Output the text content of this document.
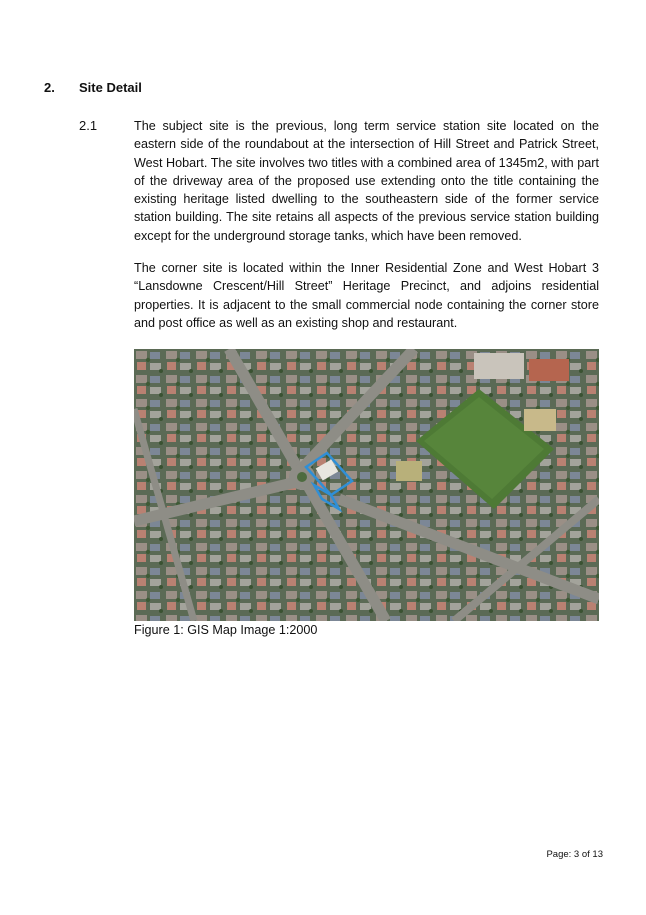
2. Site Detail
2.1	The subject site is the previous, long term service station site located on the eastern side of the roundabout at the intersection of Hill Street and Patrick Street, West Hobart. The site involves two titles with a combined area of 1345m2, with part of the driveway area of the proposed use extending onto the title containing the existing heritage listed dwelling to the southeastern side of the former service station building. The site retains all aspects of the previous service station building except for the underground storage tanks, which have been removed.

The corner site is located within the Inner Residential Zone and West Hobart 3 “Lansdowne Crescent/Hill Street” Heritage Precinct, and adjoins residential properties. It is adjacent to the small commercial node containing the corner store and post office as well as an existing shop and restaurant.

Figure 1: GIS Map Image 1:2000
Page: 3 of 13
